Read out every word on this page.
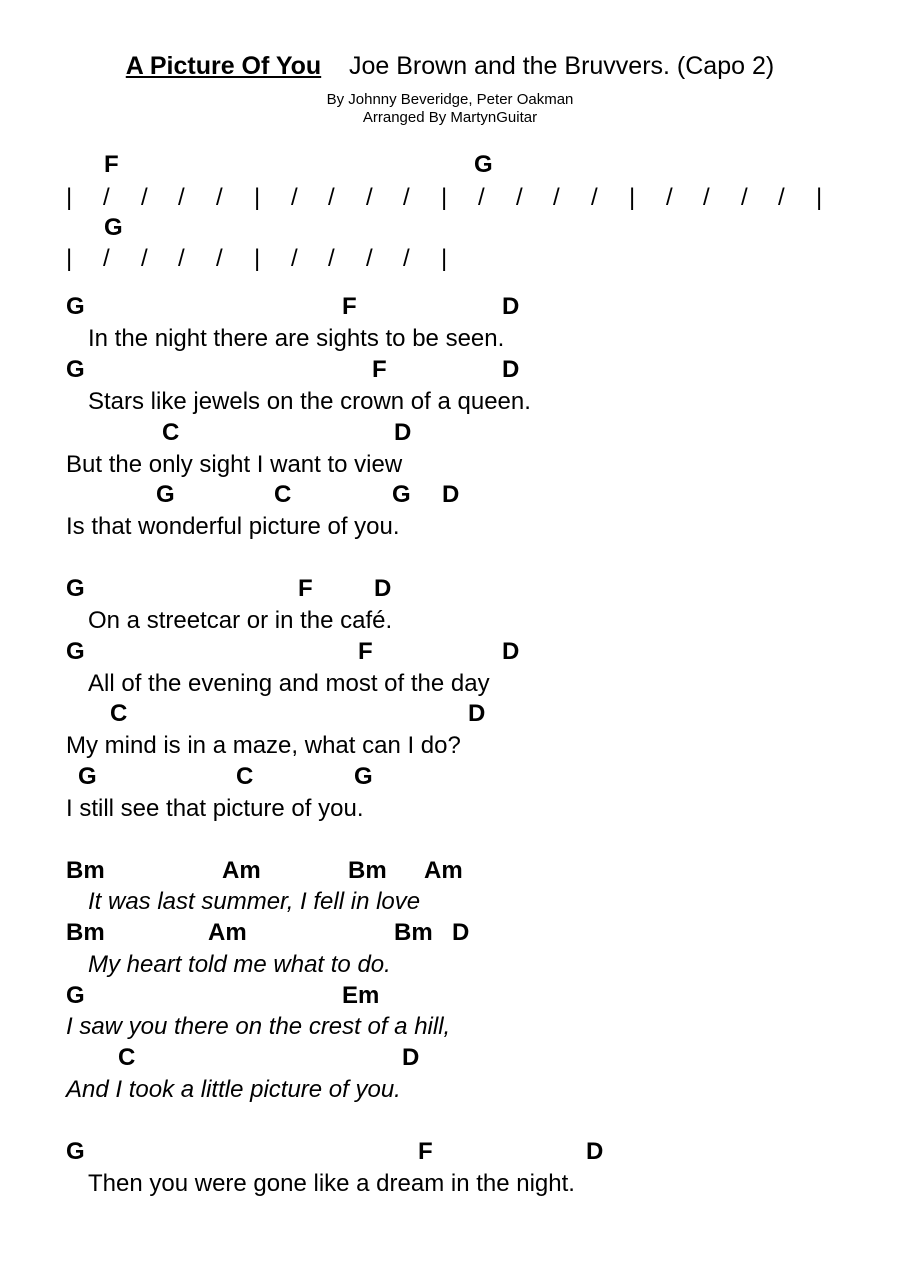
A Picture Of You Joe Brown and the Bruvvers. (Capo 2)
By Johnny Beveridge, Peter Oakman
Arranged By MartynGuitar

F

	G

| / / / / | / / / / | / / / / | / / / / |

G

| / / / / | / / / / |

G

	F

	D

In the night there are sights to be seen.

G

	F

	D

Stars like jewels on the crown of a queen.

C

	D

But the only sight I want to view

G

	C

	G

D

Is that wonderful picture of you.

G

	F

	D

On a streetcar or in the café.

G

	F

	D

All of the evening and most of the day

C

	D

My mind is in a maze, what can I do?

G

	C

	G

I still see that picture of you.

Bm

	Am

	Bm

Am

It was last summer, I fell in love

Bm

	Am

	Bm

D

My heart told me what to do.

G

	Em

I saw you there on the crest of a hill,

C

	D

And I took a little picture of you.

G

	F

	D

Then you were gone like a dream in the night.
